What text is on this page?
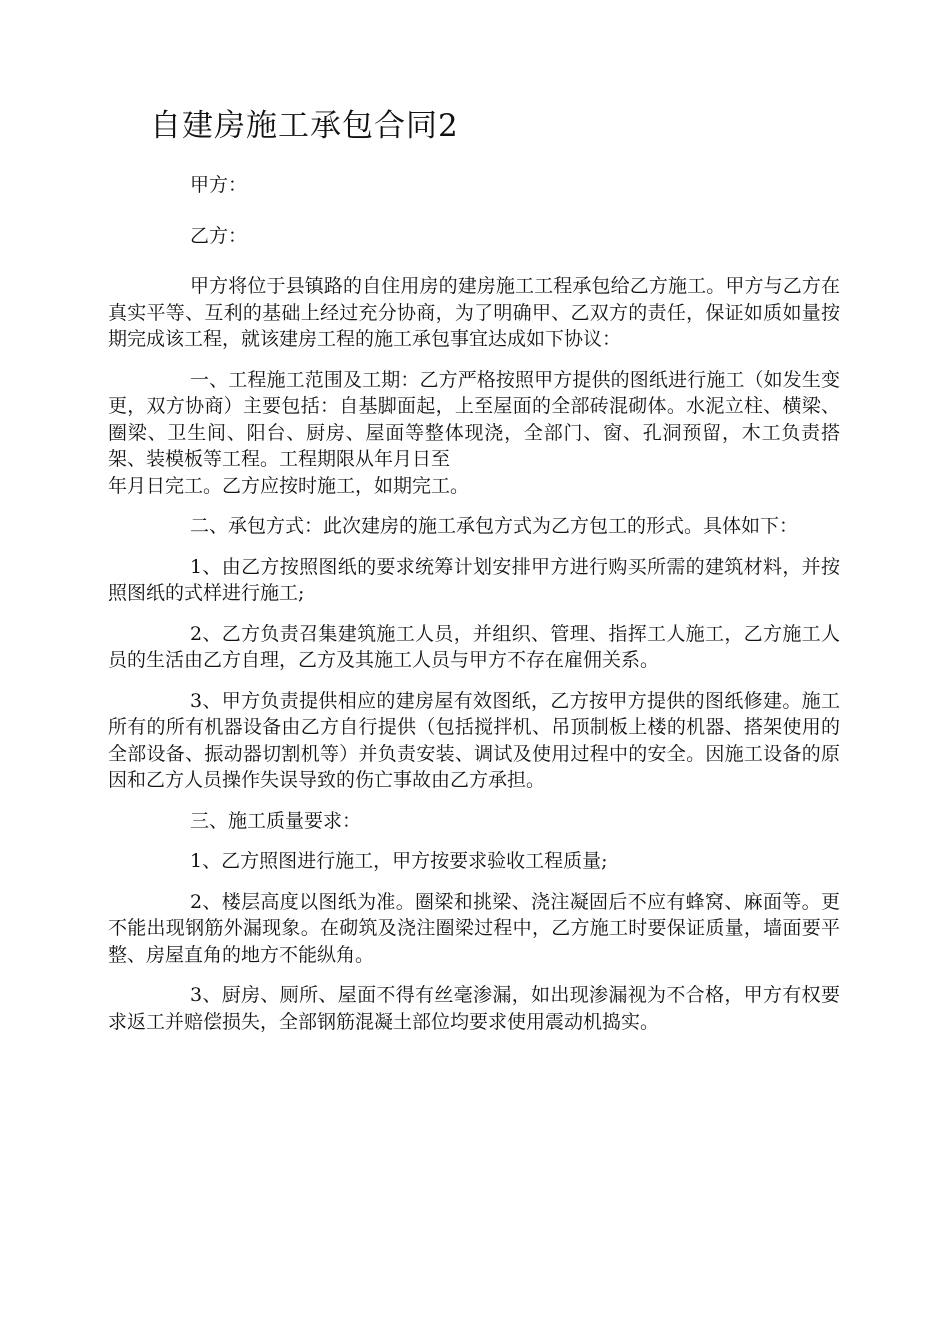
自建房施工承包合同2

甲方：

乙方：

甲方将位于县镇路的自住用房的建房施工工程承包给乙方施工。甲方与乙方在真实平等、互利的基础上经过充分协商，为了明确甲、乙双方的责任，保证如质如量按期完成该工程，就该建房工程的施工承包事宜达成如下协议：

一、工程施工范围及工期：乙方严格按照甲方提供的图纸进行施工（如发生变更，双方协商）主要包括：自基脚面起，上至屋面的全部砖混砌体。水泥立柱、横梁、圈梁、卫生间、阳台、厨房、屋面等整体现浇，全部门、窗、孔洞预留，木工负责搭架、装模板等工程。工程期限从年月日至

年月日完工。乙方应按时施工，如期完工。

二、承包方式：此次建房的施工承包方式为乙方包工的形式。具体如下：

1、由乙方按照图纸的要求统筹计划安排甲方进行购买所需的建筑材料，并按照图纸的式样进行施工;

2、乙方负责召集建筑施工人员，并组织、管理、指挥工人施工，乙方施工人员的生活由乙方自理，乙方及其施工人员与甲方不存在雇佣关系。

3、甲方负责提供相应的建房屋有效图纸，乙方按甲方提供的图纸修建。施工所有的所有机器设备由乙方自行提供（包括搅拌机、吊顶制板上楼的机器、搭架使用的全部设备、振动器切割机等）并负责安装、调试及使用过程中的安全。因施工设备的原因和乙方人员操作失误导致的伤亡事故由乙方承担。

三、施工质量要求：

1、乙方照图进行施工，甲方按要求验收工程质量;

2、楼层高度以图纸为准。圈梁和挑梁、浇注凝固后不应有蜂窝、麻面等。更不能出现钢筋外漏现象。在砌筑及浇注圈梁过程中，乙方施工时要保证质量，墙面要平整、房屋直角的地方不能纵角。

3、厨房、厕所、屋面不得有丝毫渗漏，如出现渗漏视为不合格，甲方有权要求返工并赔偿损失，全部钢筋混凝土部位均要求使用震动机捣实。
